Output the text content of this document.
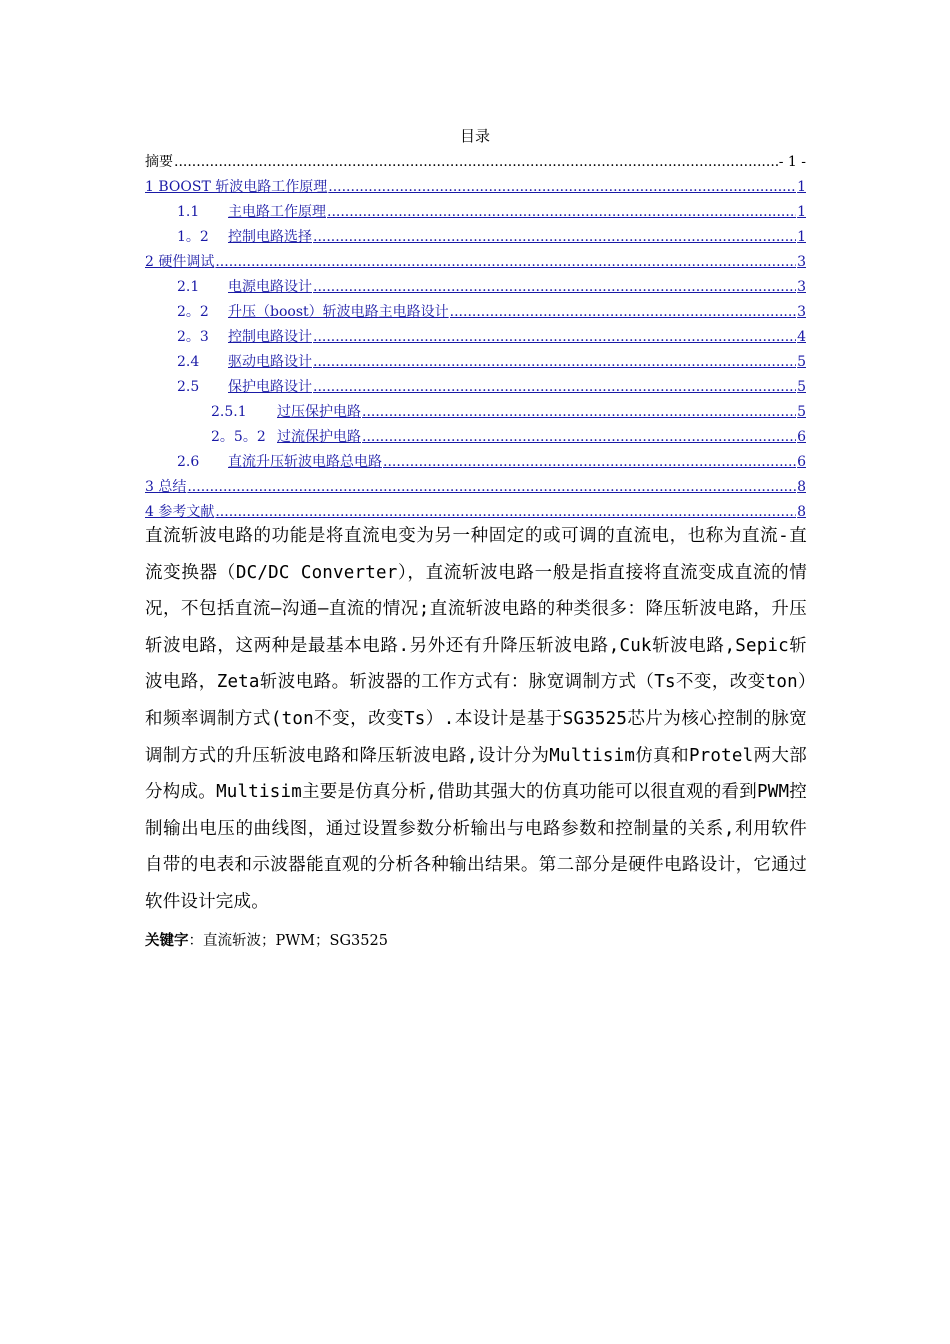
目录
摘要 .....	- 1 -
1 BOOST 斩波电路工作原理 .....	1
1.1 主电路工作原理 .....	1
1。2 控制电路选择 .....	1
2 硬件调试 .....	3
2.1 电源电路设计 .....	3
2。2 升压（boost）斩波电路主电路设计 .....	3
2。3 控制电路设计 .....	4
2.4 驱动电路设计 .....	5
2.5 保护电路设计 .....	5
2.5.1 过压保护电路 .....	5
2。5。2 过流保护电路 .....	6
2.6 直流升压斩波电路总电路 .....	6
3 总结 .....	8
4 参考文献 .....	8
直流斩波电路的功能是将直流电变为另一种固定的或可调的直流电，也称为直流-直流变换器（DC/DC Converter），直流斩波电路一般是指直接将直流变成直流的情况，不包括直流—沟通—直流的情况;直流斩波电路的种类很多：降压斩波电路，升压斩波电路，这两种是最基本电路.另外还有升降压斩波电路,Cuk斩波电路,Sepic斩波电路，Zeta斩波电路。斩波器的工作方式有：脉宽调制方式（Ts不变，改变ton）和频率调制方式(ton不变，改变Ts）.本设计是基于SG3525芯片为核心控制的脉宽调制方式的升压斩波电路和降压斩波电路,设计分为Multisim仿真和Protel两大部分构成。Multisim主要是仿真分析,借助其强大的仿真功能可以很直观的看到PWM控制输出电压的曲线图，通过设置参数分析输出与电路参数和控制量的关系,利用软件自带的电表和示波器能直观的分析各种输出结果。第二部分是硬件电路设计，它通过软件设计完成。
关键字：直流斩波；PWM；SG3525
